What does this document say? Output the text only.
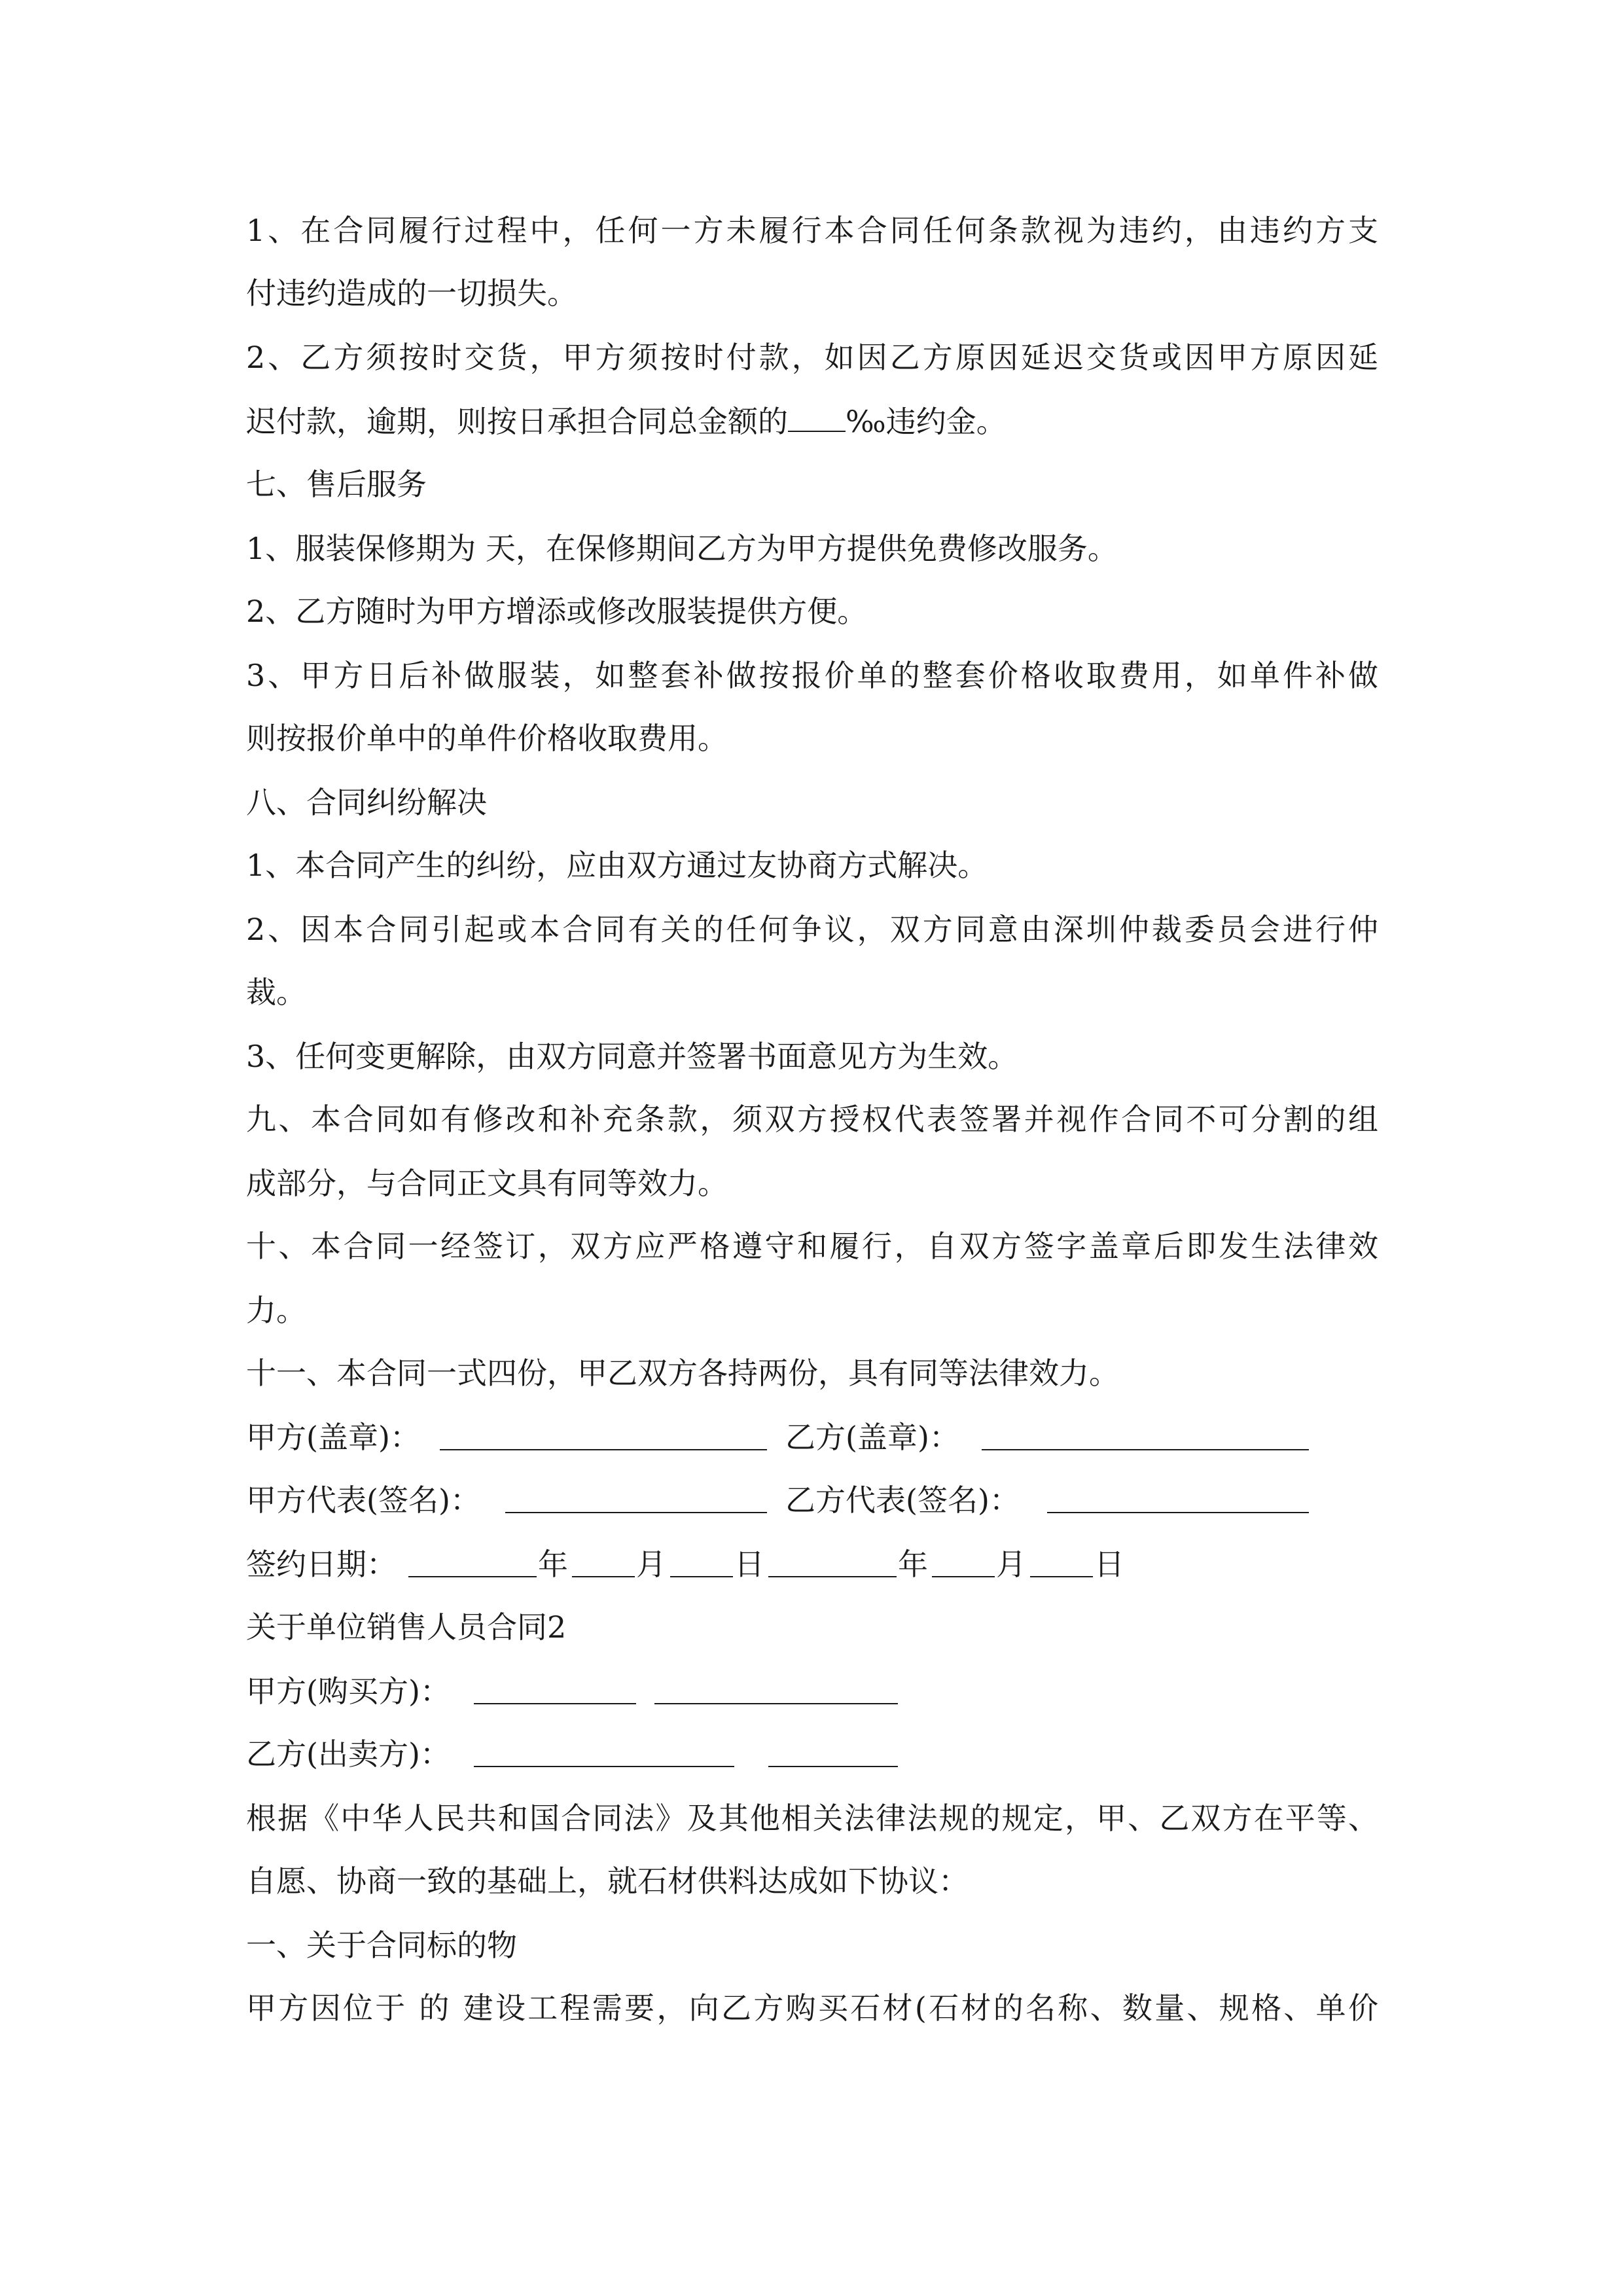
1、在合同履行过程中，任何一方未履行本合同任何条款视为违约，由违约方支
付违约造成的一切损失。
2、乙方须按时交货，甲方须按时付款，如因乙方原因延迟交货或因甲方原因延
迟付款，逾期，则按日承担合同总金额的 ‰违约金。
七、售后服务
1、服装保修期为 天，在保修期间乙方为甲方提供免费修改服务。
2、乙方随时为甲方增添或修改服装提供方便。
3、甲方日后补做服装，如整套补做按报价单的整套价格收取费用，如单件补做
则按报价单中的单件价格收取费用。
八、合同纠纷解决
1、本合同产生的纠纷，应由双方通过友协商方式解决。
2、因本合同引起或本合同有关的任何争议，双方同意由深圳仲裁委员会进行仲
裁。
3、任何变更解除，由双方同意并签署书面意见方为生效。
九、本合同如有修改和补充条款，须双方授权代表签署并视作合同不可分割的组
成部分，与合同正文具有同等效力。
十、本合同一经签订，双方应严格遵守和履行，自双方签字盖章后即发生法律效
力。
十一、本合同一式四份，甲乙双方各持两份，具有同等法律效力。
甲方(盖章)：	乙方(盖章)：
甲方代表(签名)：	乙方代表(签名)：
签约日期：	年 月 日	年 月 日
关于单位销售人员合同2
甲方(购买方)：
乙方(出卖方)：
根据《中华人民共和国合同法》及其他相关法律法规的规定，甲、乙双方在平等、
自愿、协商一致的基础上，就石材供料达成如下协议：
一、关于合同标的物
甲方因位于 的 建设工程需要，向乙方购买石材(石材的名称、数量、规格、单价
